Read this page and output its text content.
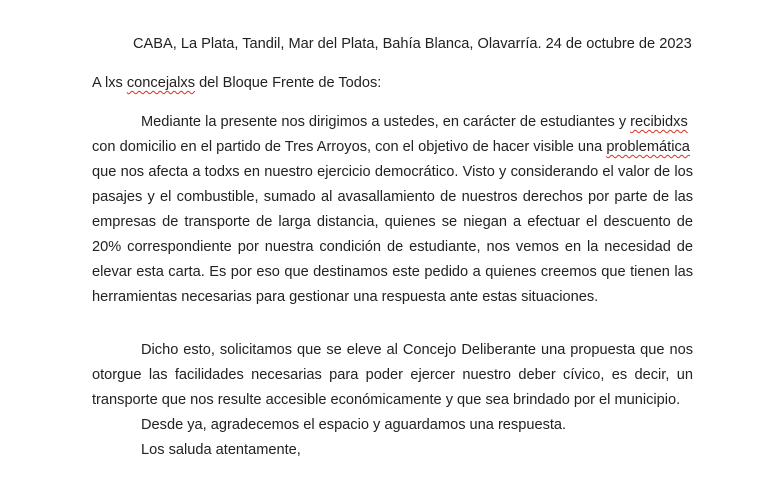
CABA, La Plata, Tandil, Mar del Plata, Bahía Blanca, Olavarría. 24 de octubre de 2023
A lxs concejalxs del Bloque Frente de Todos:
Mediante la presente nos dirigimos a ustedes, en carácter de estudiantes y recibidxs
con domicilio en el partido de Tres Arroyos, con el objetivo de hacer visible una problemática
que nos afecta a todxs en nuestro ejercicio democrático. Visto y considerando el valor de los
pasajes y el combustible, sumado al avasallamiento de nuestros derechos por parte de las
empresas de transporte de larga distancia, quienes se niegan a efectuar el descuento de
20% correspondiente por nuestra condición de estudiante, nos vemos en la necesidad de
elevar esta carta. Es por eso que destinamos este pedido a quienes creemos que tienen las
herramientas necesarias para gestionar una respuesta ante estas situaciones.
Dicho esto, solicitamos que se eleve al Concejo Deliberante una propuesta que nos
otorgue las facilidades necesarias para poder ejercer nuestro deber cívico, es decir, un
transporte que nos resulte accesible económicamente y que sea brindado por el municipio.
Desde ya, agradecemos el espacio y aguardamos una respuesta.
Los saluda atentamente,
